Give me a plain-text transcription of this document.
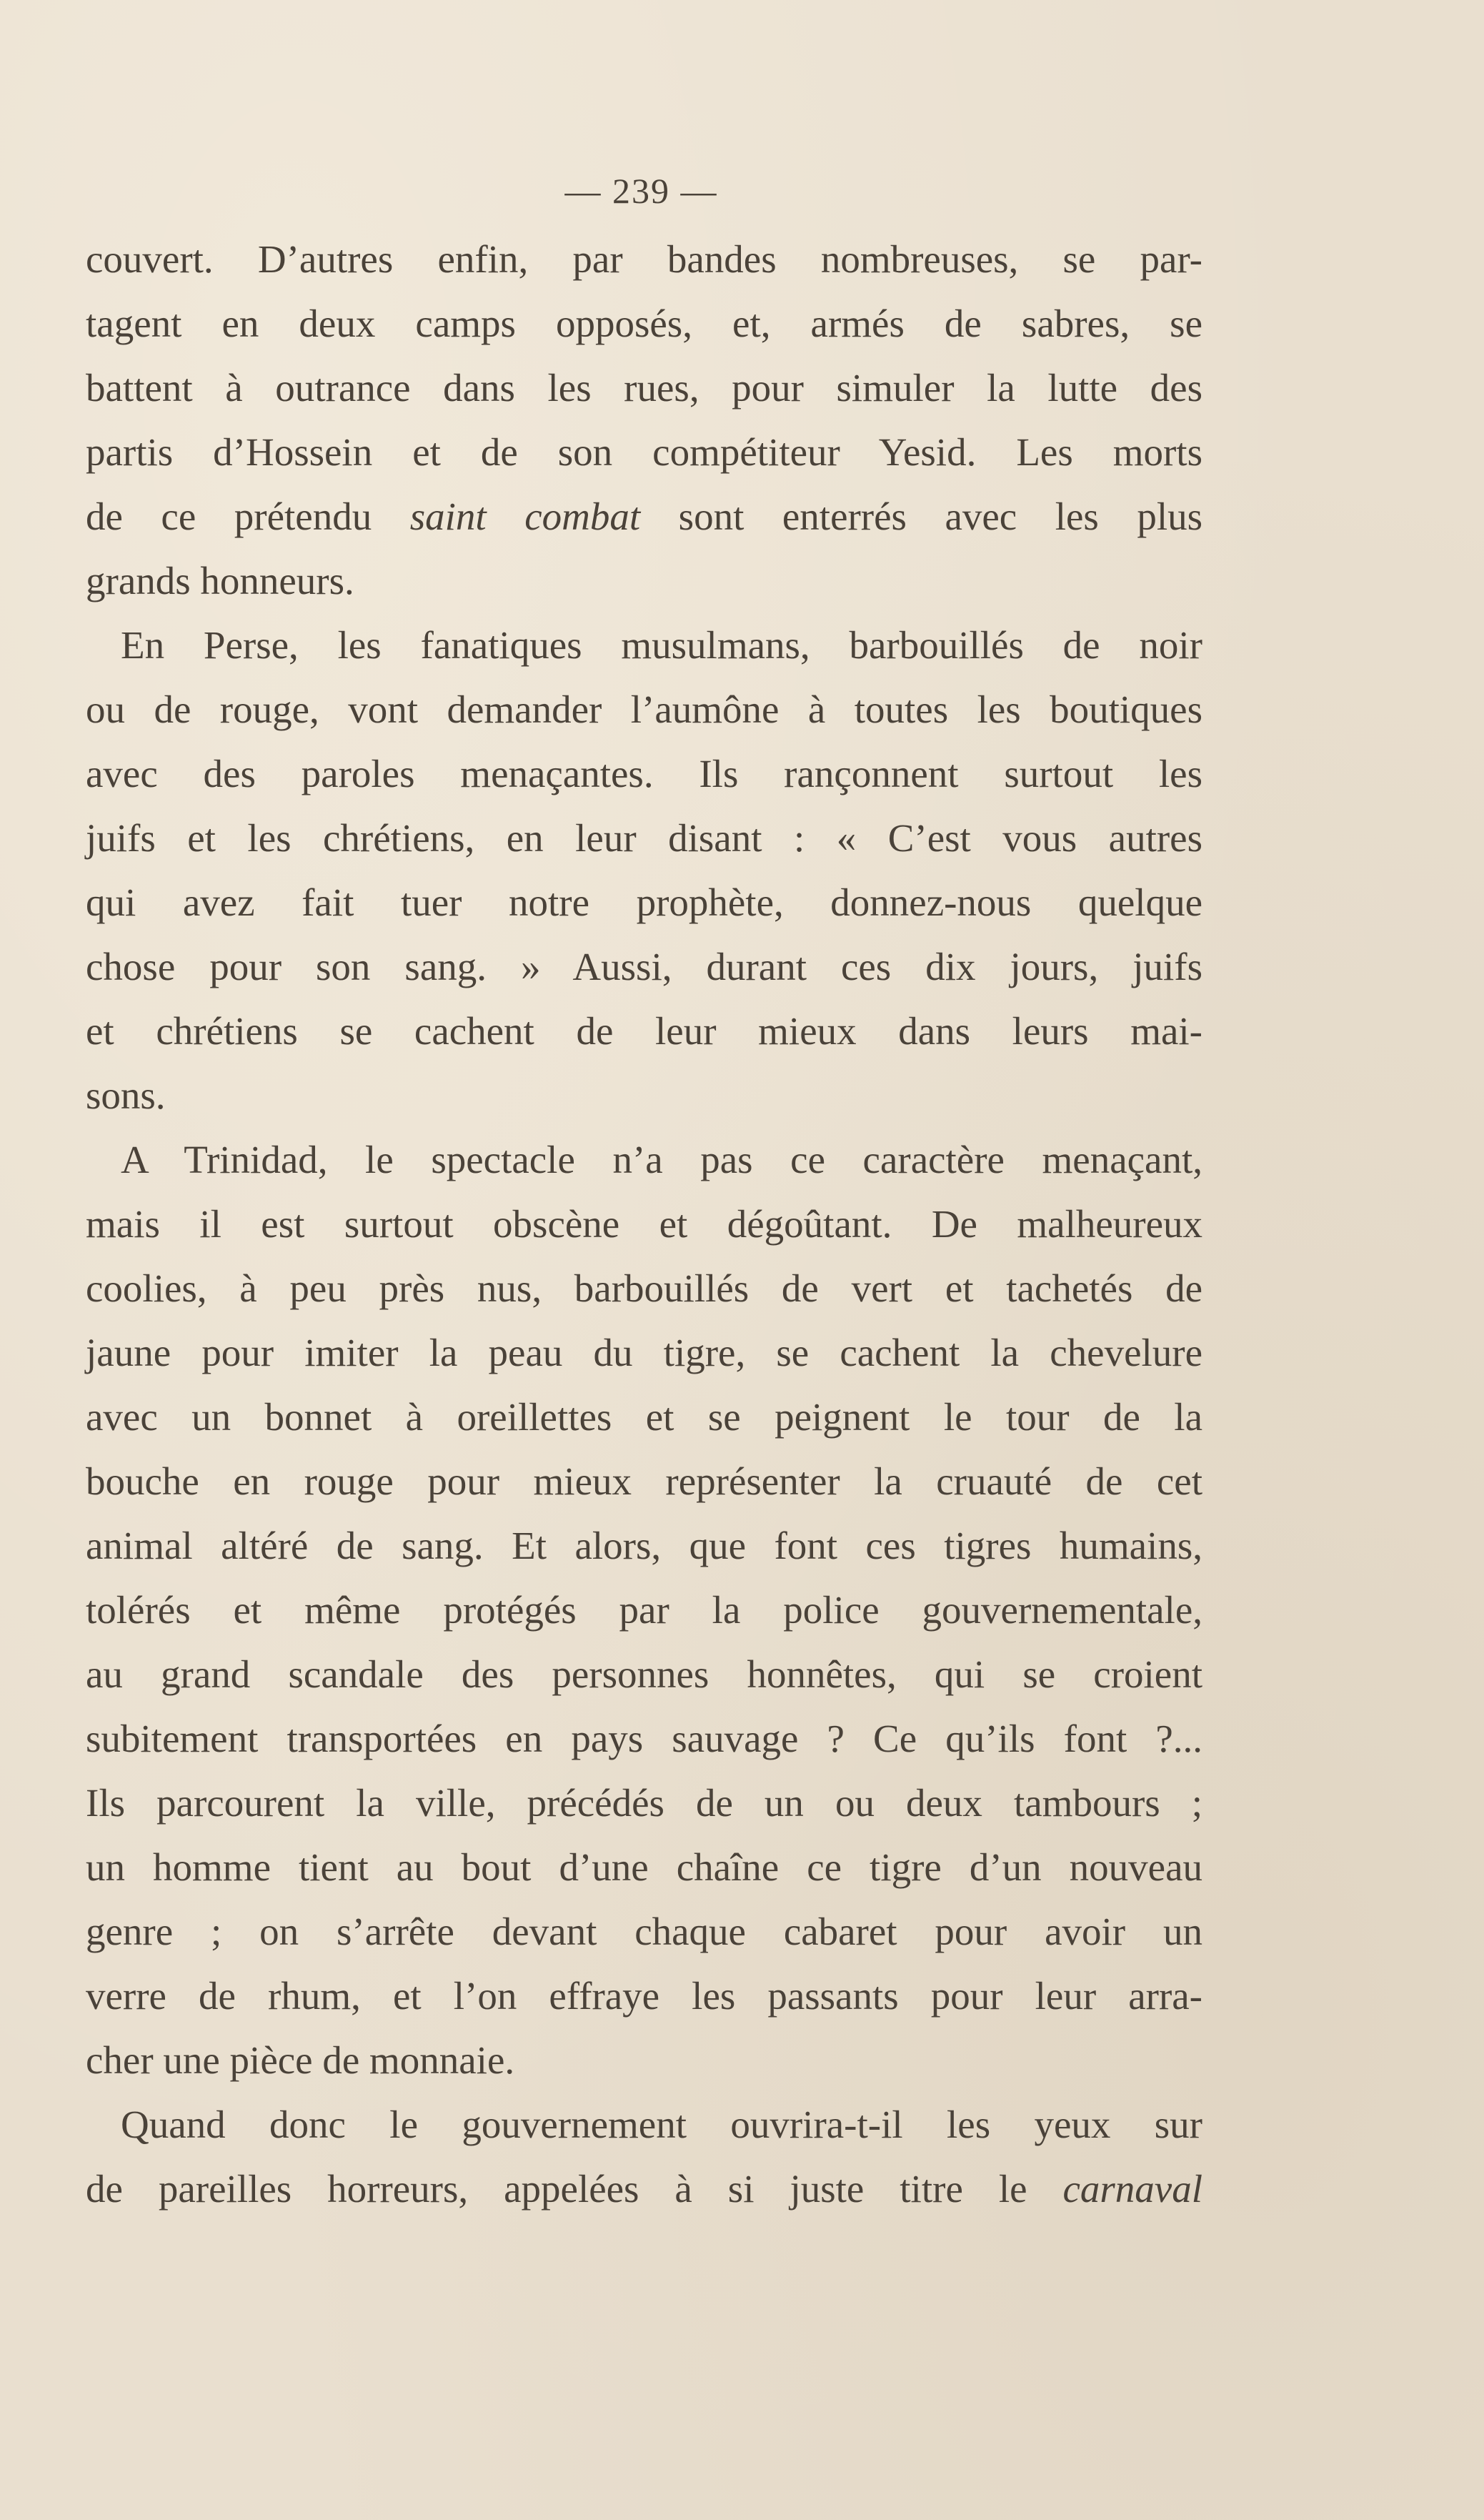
— 239 —
couvert. D’autres enfin, par bandes nombreuses, se par-
tagent en deux camps opposés, et, armés de sabres, se
battent à outrance dans les rues, pour simuler la lutte des
partis d’Hossein et de son compétiteur Yesid. Les morts
de ce prétendu saint combat sont enterrés avec les plus
grands honneurs.
En Perse, les fanatiques musulmans, barbouillés de noir
ou de rouge, vont demander l’aumône à toutes les boutiques
avec des paroles menaçantes. Ils rançonnent surtout les
juifs et les chrétiens, en leur disant : « C’est vous autres
qui avez fait tuer notre prophète, donnez-nous quelque
chose pour son sang. » Aussi, durant ces dix jours, juifs
et chrétiens se cachent de leur mieux dans leurs mai-
sons.
A Trinidad, le spectacle n’a pas ce caractère menaçant,
mais il est surtout obscène et dégoûtant. De malheureux
coolies, à peu près nus, barbouillés de vert et tachetés de
jaune pour imiter la peau du tigre, se cachent la chevelure
avec un bonnet à oreillettes et se peignent le tour de la
bouche en rouge pour mieux représenter la cruauté de cet
animal altéré de sang. Et alors, que font ces tigres humains,
tolérés et même protégés par la police gouvernementale,
au grand scandale des personnes honnêtes, qui se croient
subitement transportées en pays sauvage ? Ce qu’ils font ?...
Ils parcourent la ville, précédés de un ou deux tambours ;
un homme tient au bout d’une chaîne ce tigre d’un nouveau
genre ; on s’arrête devant chaque cabaret pour avoir un
verre de rhum, et l’on effraye les passants pour leur arra-
cher une pièce de monnaie.
Quand donc le gouvernement ouvrira-t-il les yeux sur
de pareilles horreurs, appelées à si juste titre le carnaval
